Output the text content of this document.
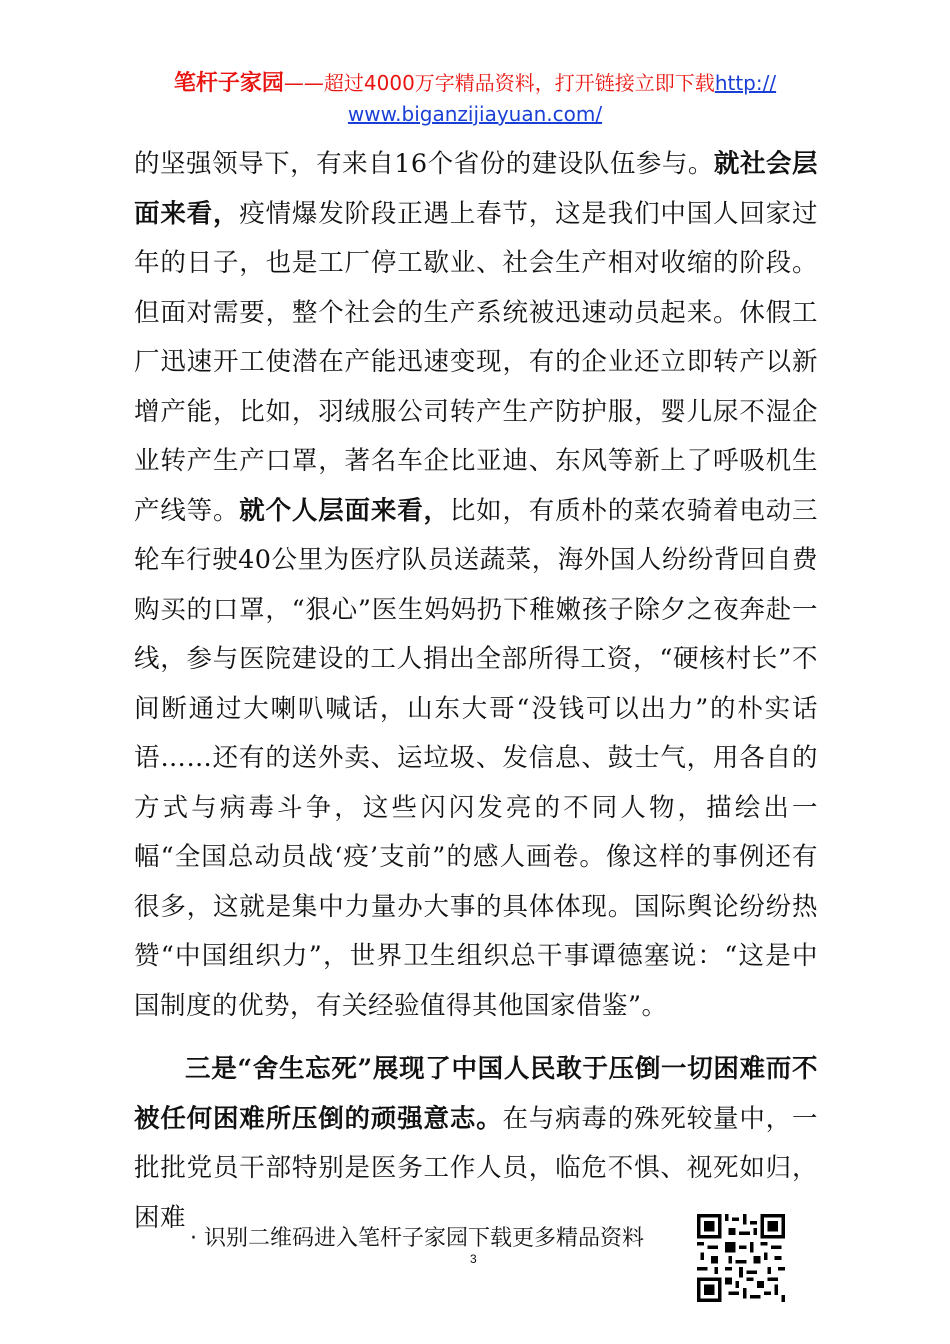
笔杆子家园——超过4000万字精品资料，打开链接立即下载http://
www.biganzijiayuan.com/

的坚强领导下，有来自16个省份的建设队伍参与。就社会层面来看，疫情爆发阶段正遇上春节，这是我们中国人回家过年的日子，也是工厂停工歇业、社会生产相对收缩的阶段。但面对需要，整个社会的生产系统被迅速动员起来。休假工厂迅速开工使潜在产能迅速变现，有的企业还立即转产以新增产能，比如，羽绒服公司转产生产防护服，婴儿尿不湿企业转产生产口罩，著名车企比亚迪、东风等新上了呼吸机生产线等。就个人层面来看，比如，有质朴的菜农骑着电动三轮车行驶40公里为医疗队员送蔬菜，海外国人纷纷背回自费购买的口罩，“狠心”医生妈妈扔下稚嫩孩子除夕之夜奔赴一线，参与医院建设的工人捐出全部所得工资，“硬核村长”不间断通过大喇叭喊话，山东大哥“没钱可以出力”的朴实话语……还有的送外卖、运垃圾、发信息、鼓士气，用各自的方式与病毒斗争，这些闪闪发亮的不同人物，描绘出一幅“全国总动员战‘疫’支前”的感人画卷。像这样的事例还有很多，这就是集中力量办大事的具体体现。国际舆论纷纷热赞“中国组织力”，世界卫生组织总干事谭德塞说：“这是中国制度的优势，有关经验值得其他国家借鉴”。

三是“舍生忘死”展现了中国人民敢于压倒一切困难而不被任何困难所压倒的顽强意志。在与病毒的殊死较量中，一批批党员干部特别是医务工作人员，临危不惧、视死如归，困难

· 识别二维码进入笔杆子家园下载更多精品资料
3
